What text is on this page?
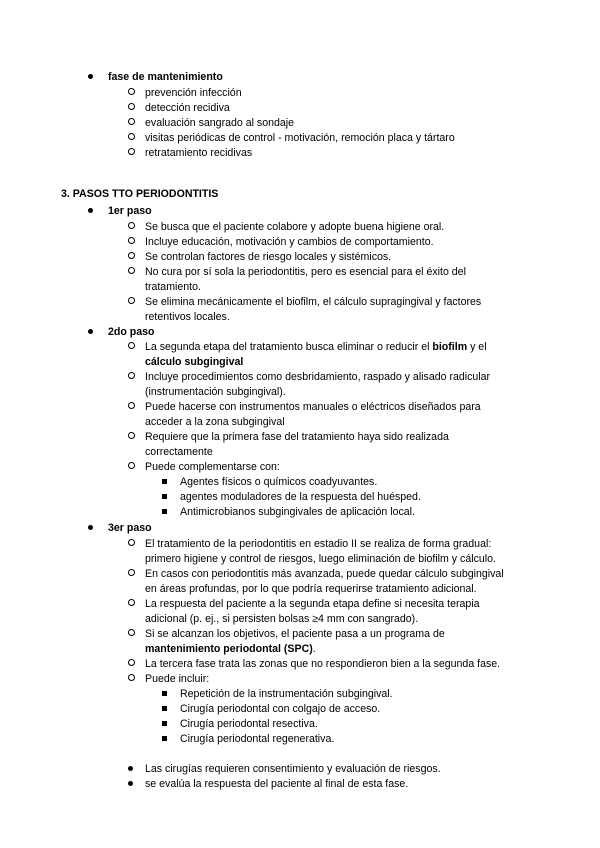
fase de mantenimiento
prevención infección
detección recidiva
evaluación sangrado al sondaje
visitas periódicas de control - motivación, remoción placa y tártaro
retratamiento recidivas
3. PASOS TTO PERIODONTITIS
1er paso
Se busca que el paciente colabore y adopte buena higiene oral.
Incluye educación, motivación y cambios de comportamiento.
Se controlan factores de riesgo locales y sistémicos.
No cura por sí sola la periodontitis, pero es esencial para el éxito del
tratamiento.
Se elimina mecánicamente el biofilm, el cálculo supragingival y factores
retentivos locales.
2do paso
La segunda etapa del tratamiento busca eliminar o reducir el biofilm y el
cálculo subgingival
Incluye procedimientos como desbridamiento, raspado y alisado radicular
(instrumentación subgingival).
Puede hacerse con instrumentos manuales o eléctricos diseñados para
acceder a la zona subgingival
Requiere que la primera fase del tratamiento haya sido realizada
correctamente
Puede complementarse con:
Agentes físicos o químicos coadyuvantes.
agentes moduladores de la respuesta del huésped.
Antimicrobianos subgingivales de aplicación local.
3er paso
El tratamiento de la periodontitis en estadio II se realiza de forma gradual:
primero higiene y control de riesgos, luego eliminación de biofilm y cálculo.
En casos con periodontitis más avanzada, puede quedar cálculo subgingival
en áreas profundas, por lo que podría requerirse tratamiento adicional.
La respuesta del paciente a la segunda etapa define si necesita terapia
adicional (p. ej., si persisten bolsas ≥4 mm con sangrado).
Si se alcanzan los objetivos, el paciente pasa a un programa de
mantenimiento periodontal (SPC).
La tercera fase trata las zonas que no respondieron bien a la segunda fase.
Puede incluir:
Repetición de la instrumentación subgingival.
Cirugía periodontal con colgajo de acceso.
Cirugía periodontal resectiva.
Cirugía periodontal regenerativa.
Las cirugías requieren consentimiento y evaluación de riesgos.
se evalúa la respuesta del paciente al final de esta fase.
